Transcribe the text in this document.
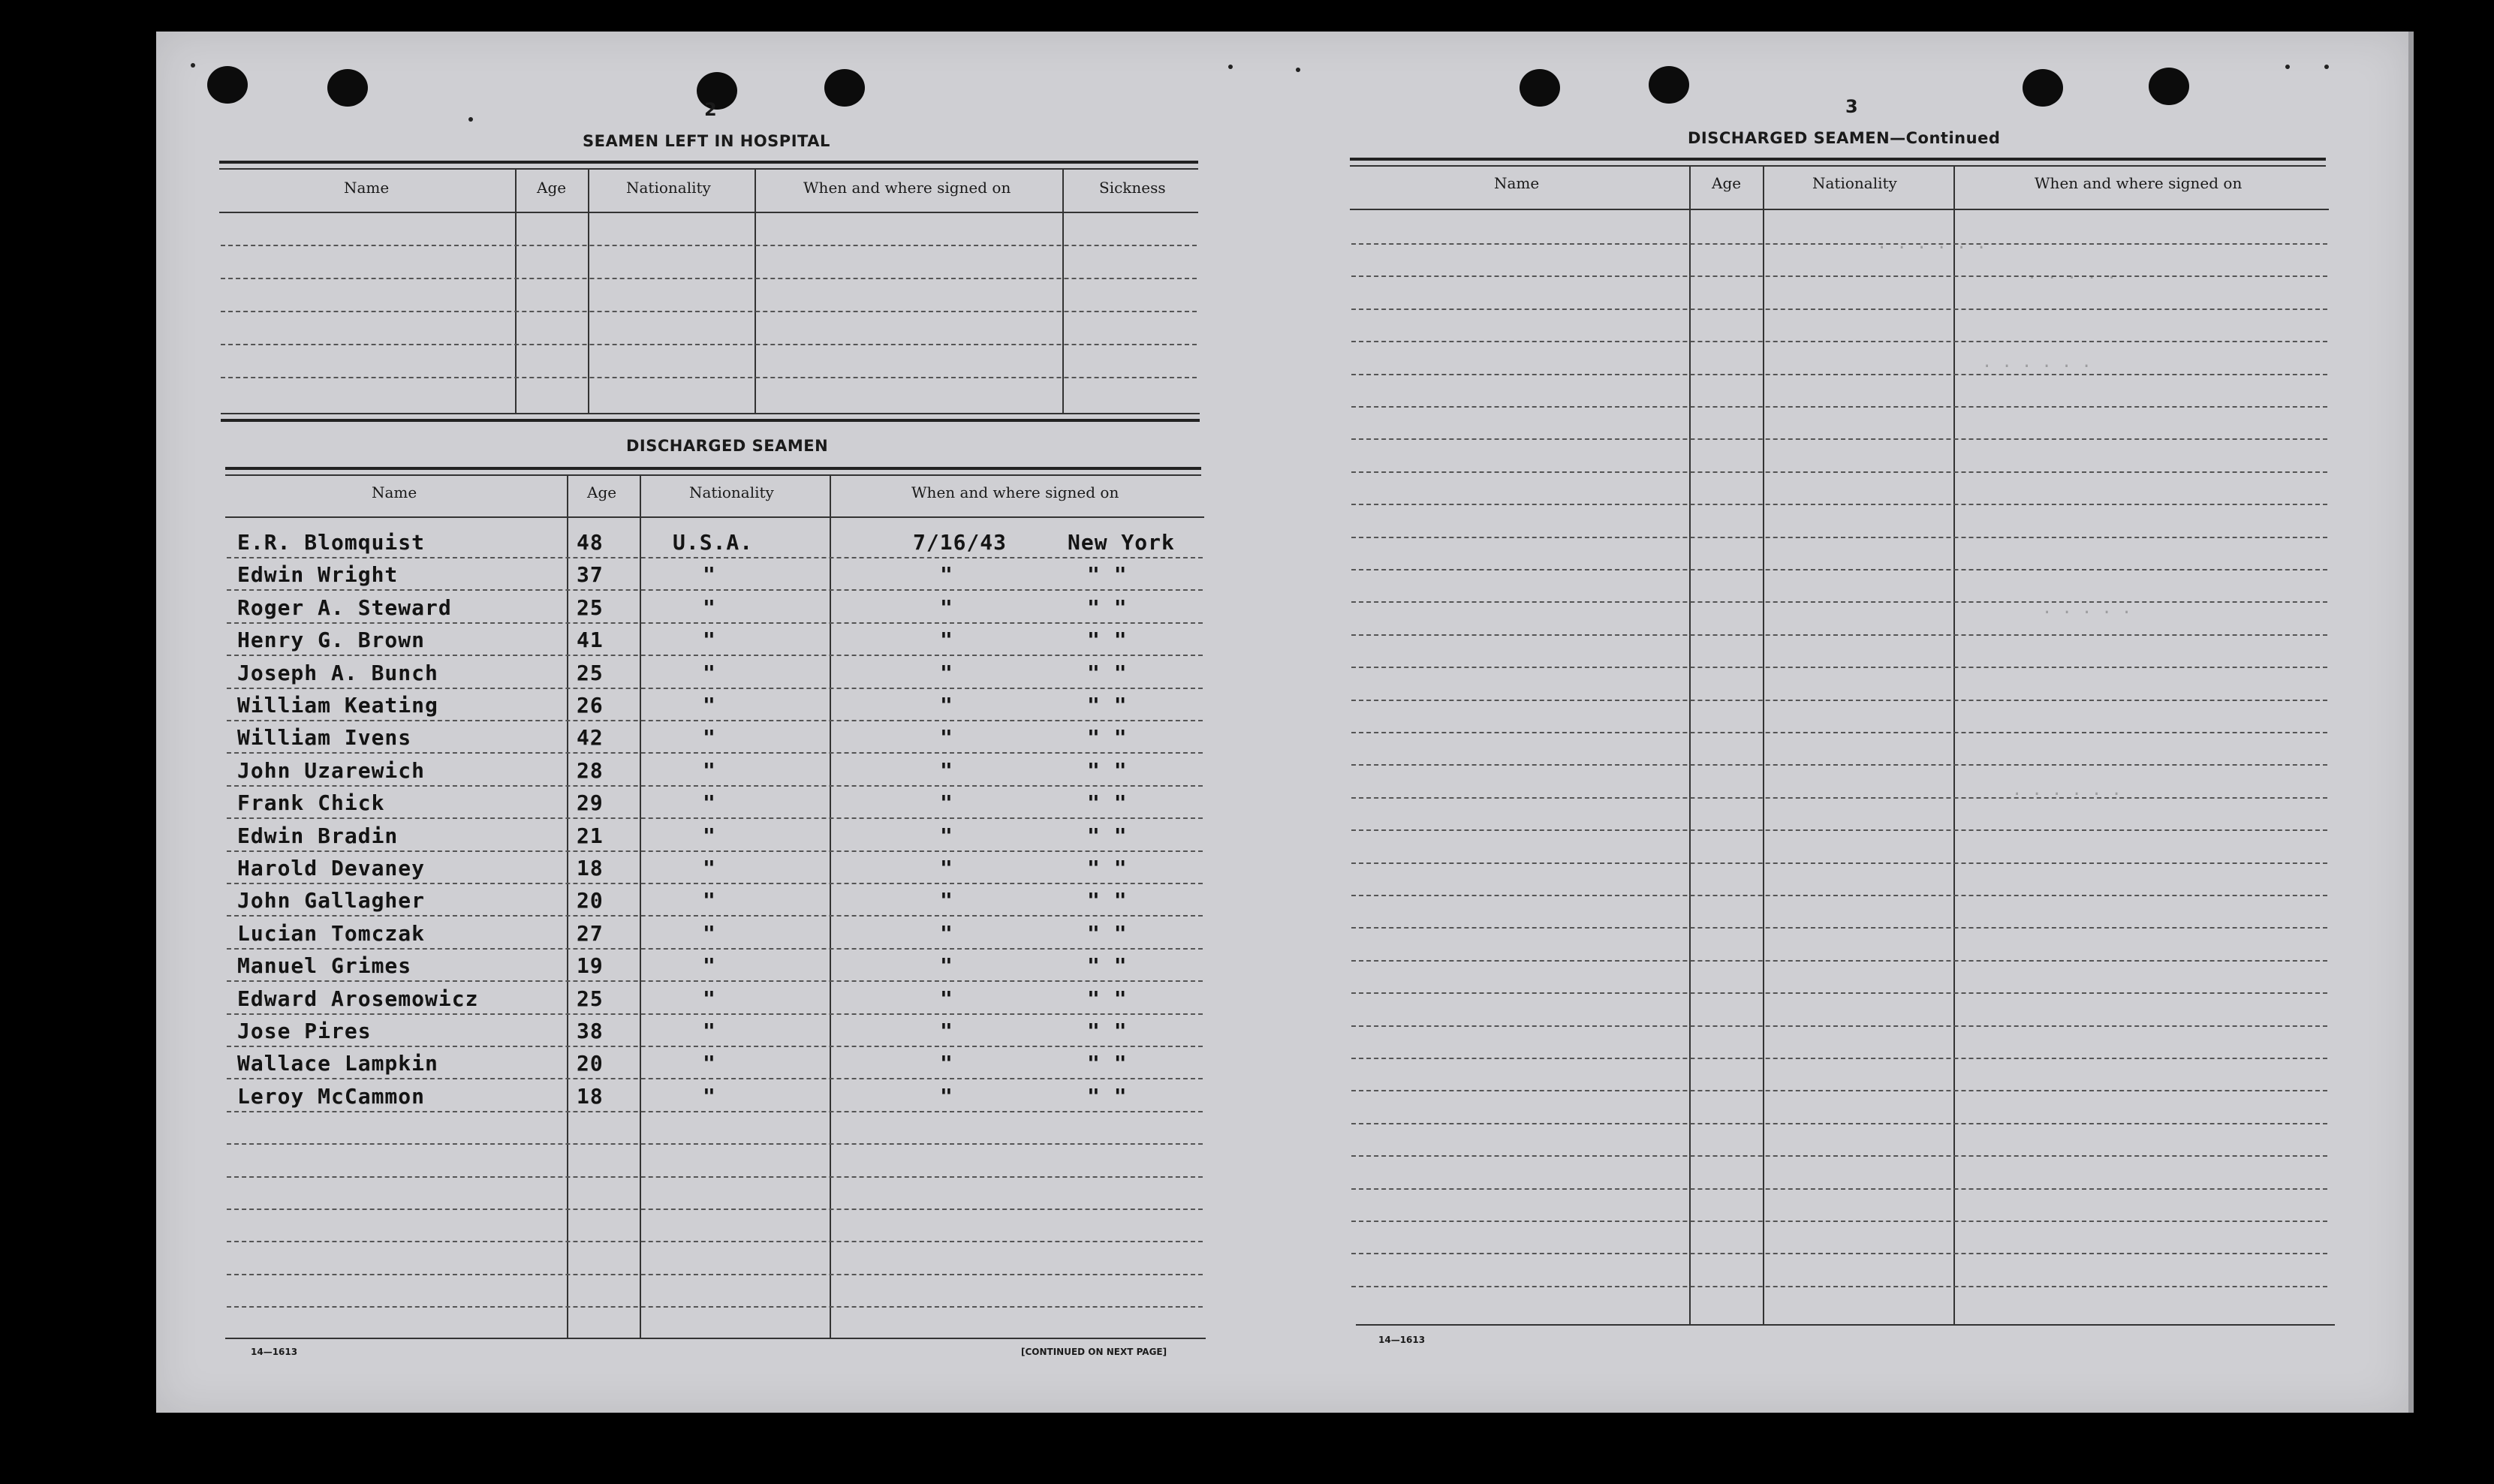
2
SEAMEN LEFT IN HOSPITAL
Name	Age	Nationality	When and where signed on	Sickness
DISCHARGED SEAMEN
Name	Age	Nationality	When and where signed on
E.R. Blomquist	48	U.S.A.	7/16/43	New York
Edwin Wright	37	"	"	" "
Roger A. Steward	25	"	"	" "
Henry G. Brown	41	"	"	" "
Joseph A. Bunch	25	"	"	" "
William Keating	26	"	"	" "
William Ivens	42	"	"	" "
John Uzarewich	28	"	"	" "
Frank Chick	29	"	"	" "
Edwin Bradin	21	"	"	" "
Harold Devaney	18	"	"	" "
John Gallagher	20	"	"	" "
Lucian Tomczak	27	"	"	" "
Manuel Grimes	19	"	"	" "
Edward Arosemowicz	25	"	"	" "
Jose Pires	38	"	"	" "
Wallace Lampkin	20	"	"	" "
Leroy McCammon	18	"	"	" "
14—1613	[CONTINUED ON NEXT PAGE]
3
DISCHARGED SEAMEN—Continued
Name	Age	Nationality	When and where signed on
14—1613
. . . . . .
. . . . .
. . . . . .
. . . . .
. . . . . .
